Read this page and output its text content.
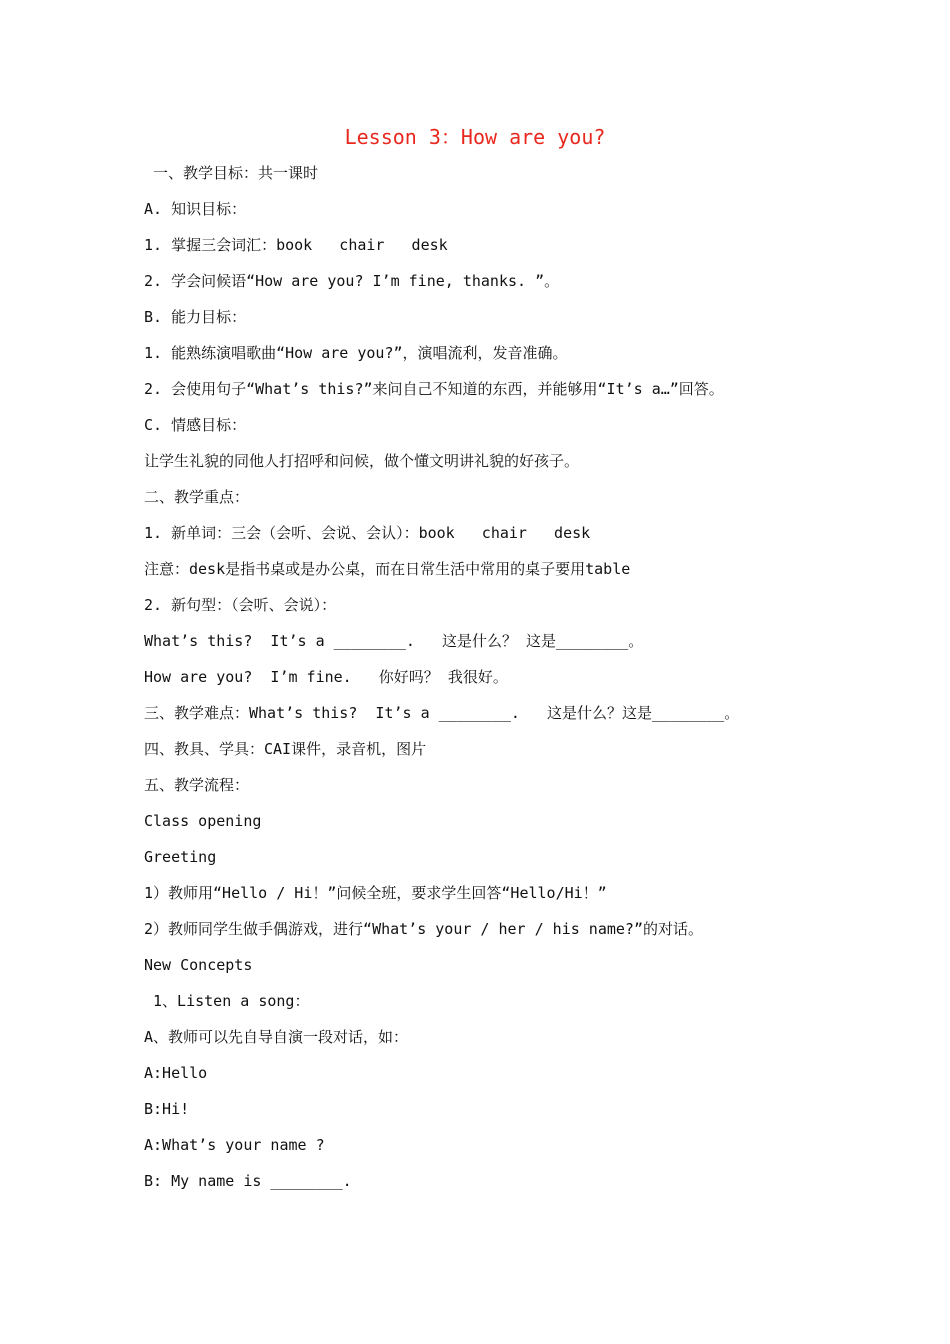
Lesson 3：How are you?
一、教学目标：共一课时
A. 知识目标：
1. 掌握三会词汇：book   chair   desk
2. 学会问候语“How are you? I’m fine, thanks. ”。
B. 能力目标：
1. 能熟练演唱歌曲“How are you?”，演唱流利，发音准确。
2. 会使用句子“What’s this?”来问自己不知道的东西，并能够用“It’s a…”回答。
C. 情感目标：
让学生礼貌的同他人打招呼和问候，做个懂文明讲礼貌的好孩子。
二、教学重点：
1. 新单词：三会（会听、会说、会认）：book   chair   desk
注意：desk是指书桌或是办公桌，而在日常生活中常用的桌子要用table
2. 新句型：（会听、会说）：
What’s this?  It’s a ________.   这是什么？ 这是________。
How are you?  I’m fine.   你好吗？ 我很好。
三、教学难点：What’s this?  It’s a ________.   这是什么？这是________。
四、教具、学具：CAI课件，录音机，图片
五、教学流程：
Class opening
Greeting
1）教师用“Hello / Hi！”问候全班，要求学生回答“Hello/Hi！”
2）教师同学生做手偶游戏，进行“What’s your / her / his name?”的对话。
New Concepts
1、Listen a song：
A、教师可以先自导自演一段对话，如：
A:Hello
B:Hi!
A:What’s your name ?
B: My name is ________.
